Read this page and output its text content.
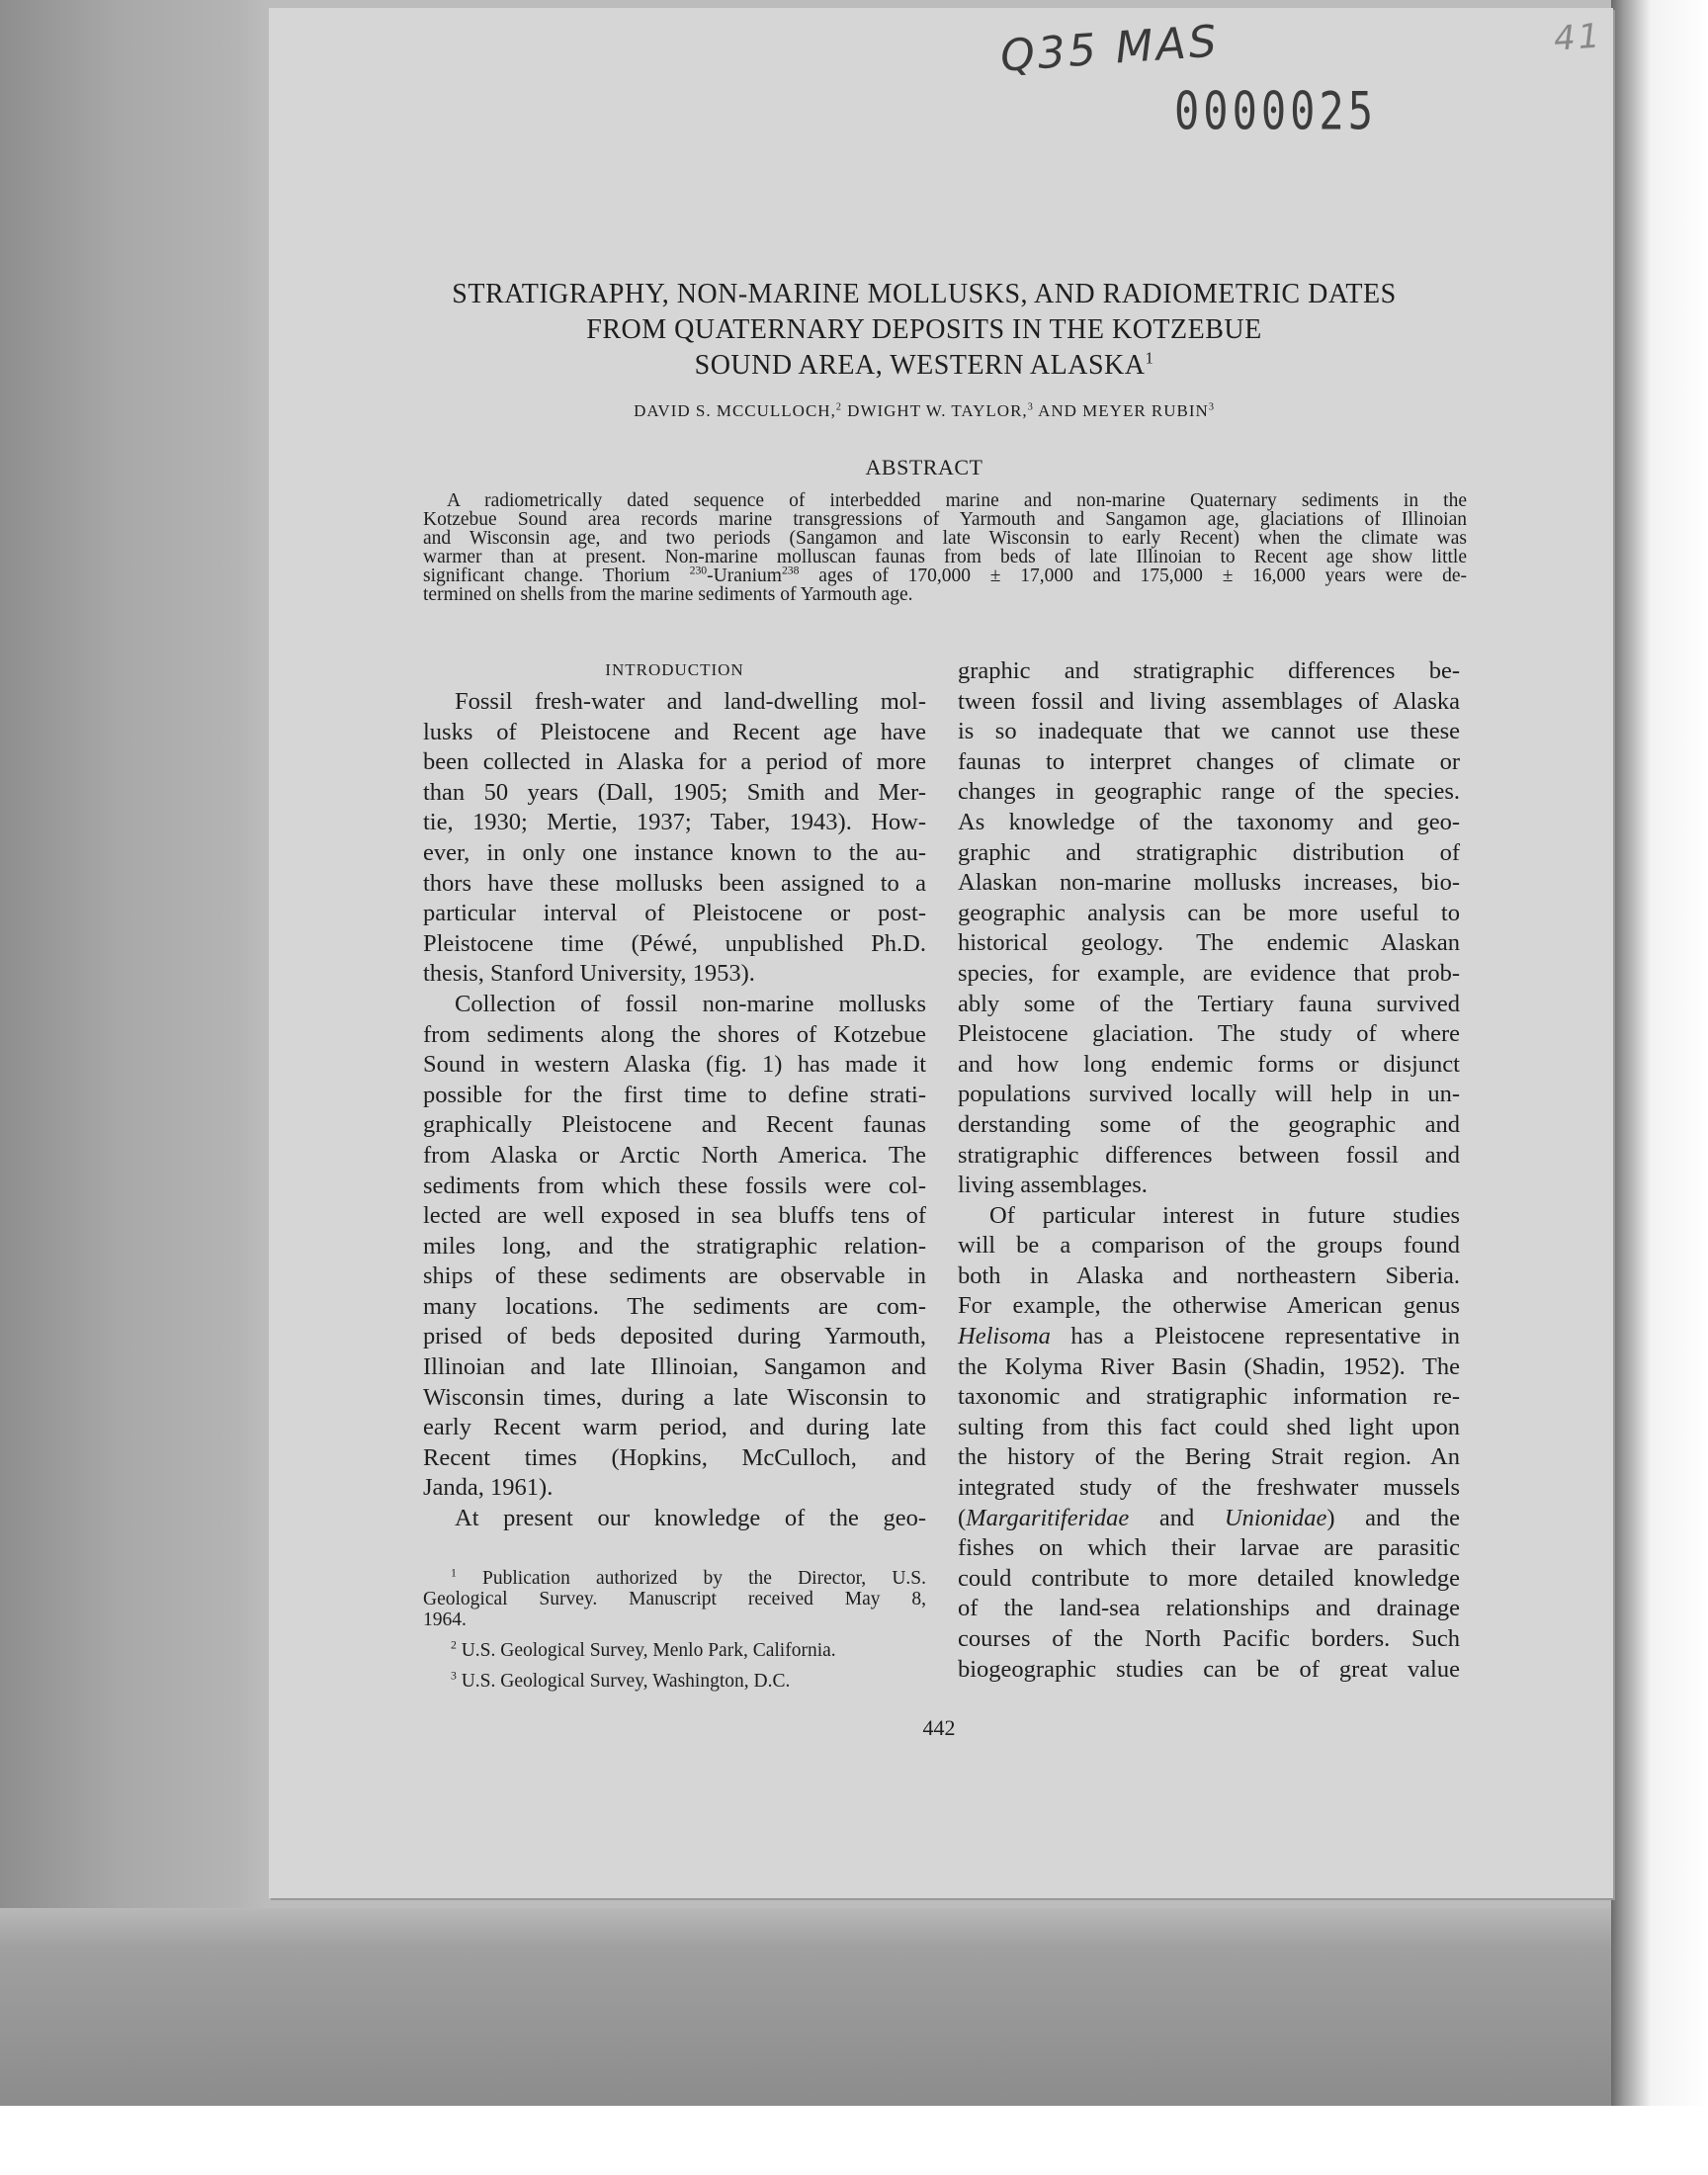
Q35 MAS	41
0000025
STRATIGRAPHY, NON-MARINE MOLLUSKS, AND RADIOMETRIC DATES
FROM QUATERNARY DEPOSITS IN THE KOTZEBUE
SOUND AREA, WESTERN ALASKA$^1$
DAVID S. MCCULLOCH,$^2$ DWIGHT W. TAYLOR,$^3$ AND MEYER RUBIN$^3$
ABSTRACT
A radiometrically dated sequence of interbedded marine and non-marine Quaternary sediments in the
Kotzebue Sound area records marine transgressions of Yarmouth and Sangamon age, glaciations of Illinoian
and Wisconsin age, and two periods (Sangamon and late Wisconsin to early Recent) when the climate was
warmer than at present. Non-marine molluscan faunas from beds of late Illinoian to Recent age show little
significant change. Thorium $^{230}$-Uranium$^{238}$ ages of 170,000 ± 17,000 and 175,000 ± 16,000 years were de-
termined on shells from the marine sediments of Yarmouth age.
INTRODUCTION
Fossil fresh-water and land-dwelling mol-
lusks of Pleistocene and Recent age have
been collected in Alaska for a period of more
than 50 years (Dall, 1905; Smith and Mer-
tie, 1930; Mertie, 1937; Taber, 1943). How-
ever, in only one instance known to the au-
thors have these mollusks been assigned to a
particular interval of Pleistocene or post-
Pleistocene time (Péwé, unpublished Ph.D.
thesis, Stanford University, 1953).
Collection of fossil non-marine mollusks
from sediments along the shores of Kotzebue
Sound in western Alaska (fig. 1) has made it
possible for the first time to define strati-
graphically Pleistocene and Recent faunas
from Alaska or Arctic North America. The
sediments from which these fossils were col-
lected are well exposed in sea bluffs tens of
miles long, and the stratigraphic relation-
ships of these sediments are observable in
many locations. The sediments are com-
prised of beds deposited during Yarmouth,
Illinoian and late Illinoian, Sangamon and
Wisconsin times, during a late Wisconsin to
early Recent warm period, and during late
Recent times (Hopkins, McCulloch, and
Janda, 1961).
At present our knowledge of the geo-
graphic and stratigraphic differences be-
tween fossil and living assemblages of Alaska
is so inadequate that we cannot use these
faunas to interpret changes of climate or
changes in geographic range of the species.
As knowledge of the taxonomy and geo-
graphic and stratigraphic distribution of
Alaskan non-marine mollusks increases, bio-
geographic analysis can be more useful to
historical geology. The endemic Alaskan
species, for example, are evidence that prob-
ably some of the Tertiary fauna survived
Pleistocene glaciation. The study of where
and how long endemic forms or disjunct
populations survived locally will help in un-
derstanding some of the geographic and
stratigraphic differences between fossil and
living assemblages.
Of particular interest in future studies
will be a comparison of the groups found
both in Alaska and northeastern Siberia.
For example, the otherwise American genus
Helisoma has a Pleistocene representative in
the Kolyma River Basin (Shadin, 1952). The
taxonomic and stratigraphic information re-
sulting from this fact could shed light upon
the history of the Bering Strait region. An
integrated study of the freshwater mussels
(Margaritiferidae and Unionidae) and the
fishes on which their larvae are parasitic
could contribute to more detailed knowledge
of the land-sea relationships and drainage
courses of the North Pacific borders. Such
biogeographic studies can be of great value
$^1$ Publication authorized by the Director, U.S.
Geological Survey. Manuscript received May 8,
1964.
$^2$ U.S. Geological Survey, Menlo Park, California.
$^3$ U.S. Geological Survey, Washington, D.C.
442
